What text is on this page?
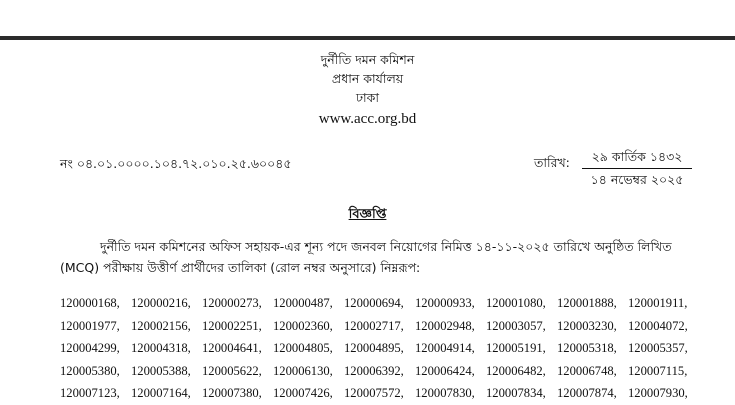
দুর্নীতি দমন কমিশন
প্রধান কার্যালয়
ঢাকা
www.acc.org.bd
নং ০৪.০১.০০০০.১০৪.৭২.০১০.২৫.৬০০৪৫	তারিখ:	২৯ কার্তিক ১৪৩২
১৪ নভেম্বর ২০২৫
বিজ্ঞপ্তি
দুর্নীতি দমন কমিশনের অফিস সহায়ক-এর শূন্য পদে জনবল নিয়োগের নিমিত্ত ১৪-১১-২০২৫ তারিখে অনুষ্ঠিত লিখিত
(MCQ) পরীক্ষায় উত্তীর্ণ প্রার্থীদের তালিকা (রোল নম্বর অনুসারে) নিম্নরূপ:
120000168, 120000216, 120000273, 120000487, 120000694, 120000933, 120001080, 120001888, 120001911,
120001977, 120002156, 120002251, 120002360, 120002717, 120002948, 120003057, 120003230, 120004072,
120004299, 120004318, 120004641, 120004805, 120004895, 120004914, 120005191, 120005318, 120005357,
120005380, 120005388, 120005622, 120006130, 120006392, 120006424, 120006482, 120006748, 120007115,
120007123, 120007164, 120007380, 120007426, 120007572, 120007830, 120007834, 120007874, 120007930,
